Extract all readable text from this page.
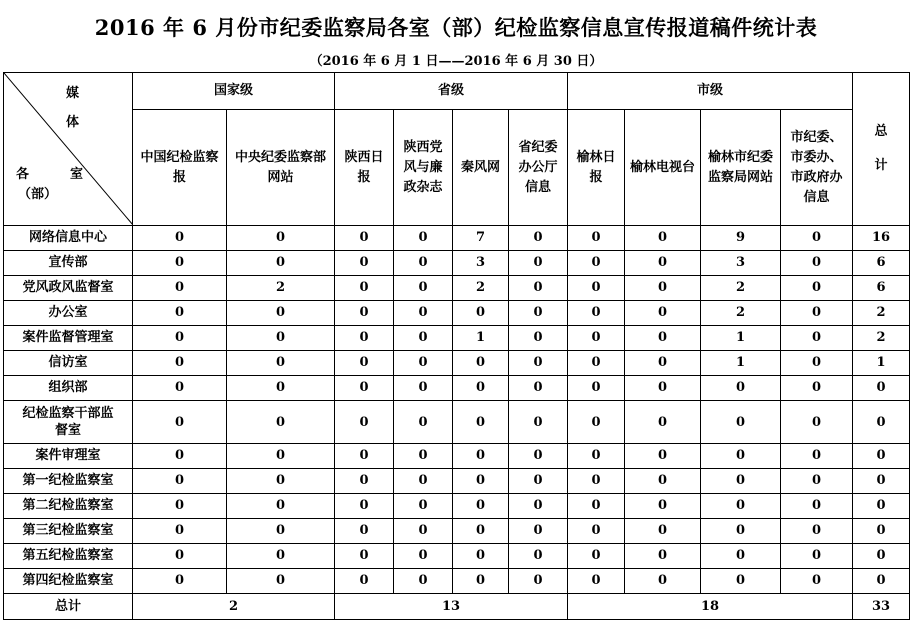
2016 年 6 月份市纪委监察局各室（部）纪检监察信息宣传报道稿件统计表
（2016 年 6 月 1 日——2016 年 6 月 30 日）
媒
体
各 室
（部）	国家级		省级				市级				总计

	中国纪检监察报	中央纪委监察部网站	陕西日报	陕西党风与廉政杂志	秦风网	省纪委办公厅信息	榆林日报	榆林电视台	榆林市纪委监察局网站	市纪委、市委办、市政府办信息	

网络信息中心	0	0	0	0	7	0	0	0	9	0	16
宣传部	0	0	0	0	3	0	0	0	3	0	6
党风政风监督室	0	2	0	0	2	0	0	0	2	0	6
办公室	0	0	0	0	0	0	0	0	2	0	2
案件监督管理室	0	0	0	0	1	0	0	0	1	0	2
信访室	0	0	0	0	0	0	0	0	1	0	1
组织部	0	0	0	0	0	0	0	0	0	0	0
纪检监察干部监督室	0	0	0	0	0	0	0	0	0	0	0
案件审理室	0	0	0	0	0	0	0	0	0	0	0
第一纪检监察室	0	0	0	0	0	0	0	0	0	0	0
第二纪检监察室	0	0	0	0	0	0	0	0	0	0	0
第三纪检监察室	0	0	0	0	0	0	0	0	0	0	0
第五纪检监察室	0	0	0	0	0	0	0	0	0	0	0
第四纪检监察室	0	0	0	0	0	0	0	0	0	0	0
总计	2		13				18				33
